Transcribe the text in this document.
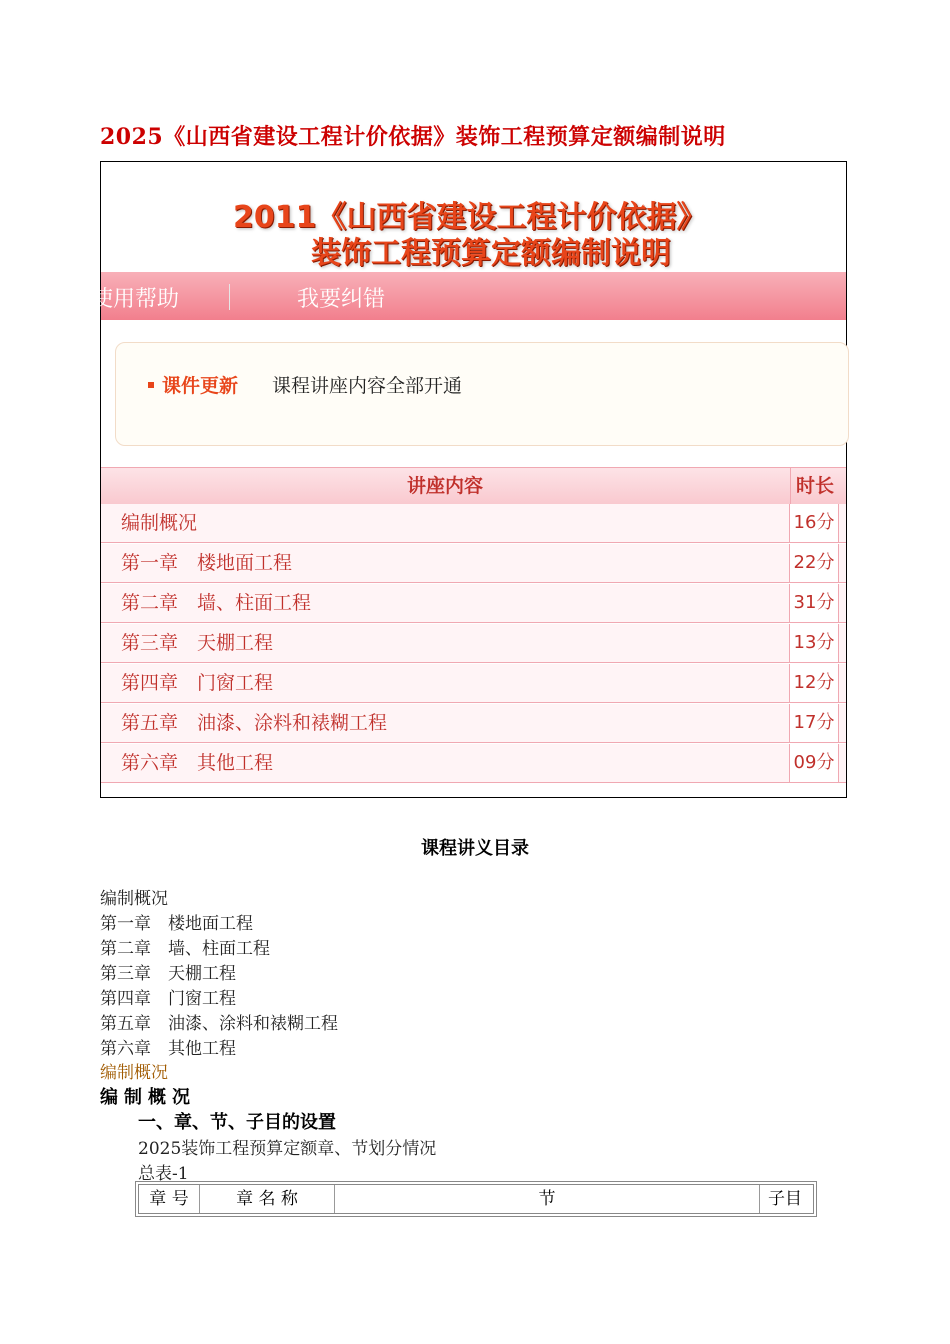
2025《山西省建设工程计价依据》装饰工程预算定额编制说明
2011《山西省建设工程计价依据》
装饰工程预算定额编制说明
使用帮助	我要纠错
课件更新 课程讲座内容全部开通
讲座内容	时长
编制概况	16分
第一章　楼地面工程	22分
第二章　墙、柱面工程	31分
第三章　天棚工程	13分
第四章　门窗工程	12分
第五章　油漆、涂料和裱糊工程	17分
第六章　其他工程	09分
课程讲义目录
编制概况
第一章　楼地面工程
第二章　墙、柱面工程
第三章　天棚工程
第四章　门窗工程
第五章　油漆、涂料和裱糊工程
第六章　其他工程
编制概况
编制概况
一、章、节、子目的设置
2025装饰工程预算定额章、节划分情况
总表-1
章 号	章 名 称	节	子目
